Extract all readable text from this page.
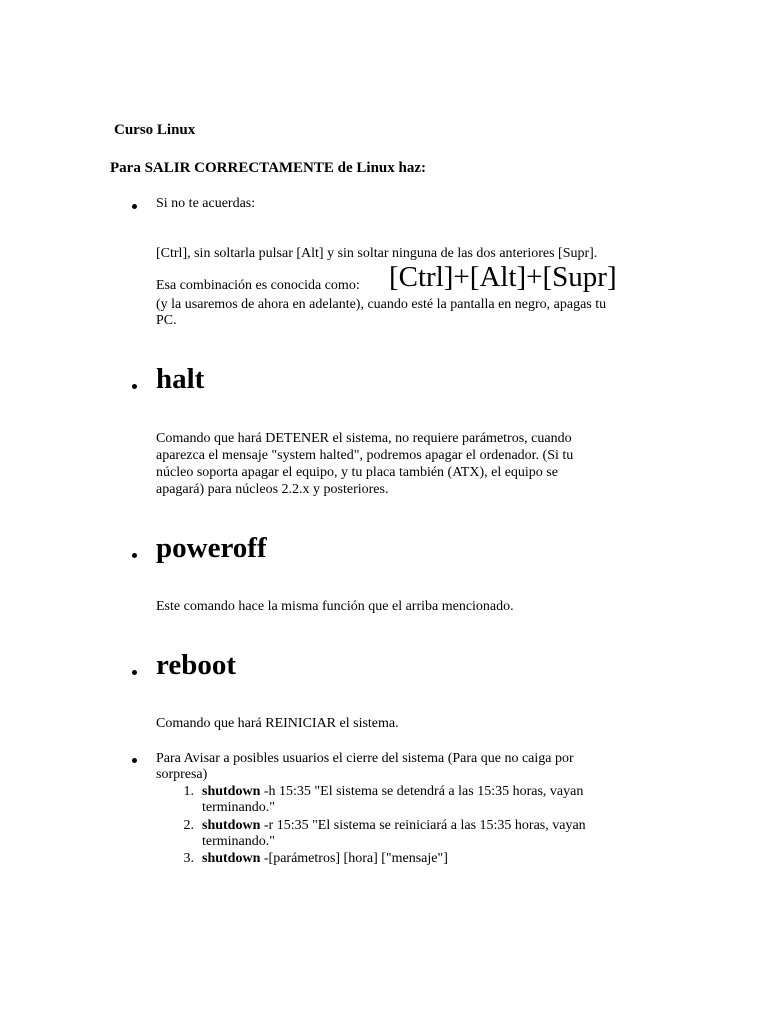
Curso Linux
Para SALIR CORRECTAMENTE de Linux haz:
Si no te acuerdas:
[Ctrl], sin soltarla pulsar [Alt] y sin soltar ninguna de las dos anteriores [Supr].
Esa combinación es conocida como: [Ctrl]+[Alt]+[Supr]
(y la usaremos de ahora en adelante), cuando esté la pantalla en negro, apagas tu
PC.
halt
Comando que hará DETENER el sistema, no requiere parámetros, cuando
aparezca el mensaje "system halted", podremos apagar el ordenador. (Si tu
núcleo soporta apagar el equipo, y tu placa también (ATX), el equipo se
apagará) para núcleos 2.2.x y posteriores.
poweroff
Este comando hace la misma función que el arriba mencionado.
reboot
Comando que hará REINICIAR el sistema.
Para Avisar a posibles usuarios el cierre del sistema (Para que no caiga por
sorpresa)
1. shutdown -h 15:35 "El sistema se detendrá a las 15:35 horas, vayan
terminando."
2. shutdown -r 15:35 "El sistema se reiniciará a las 15:35 horas, vayan
terminando."
3. shutdown -[parámetros] [hora] ["mensaje"]
